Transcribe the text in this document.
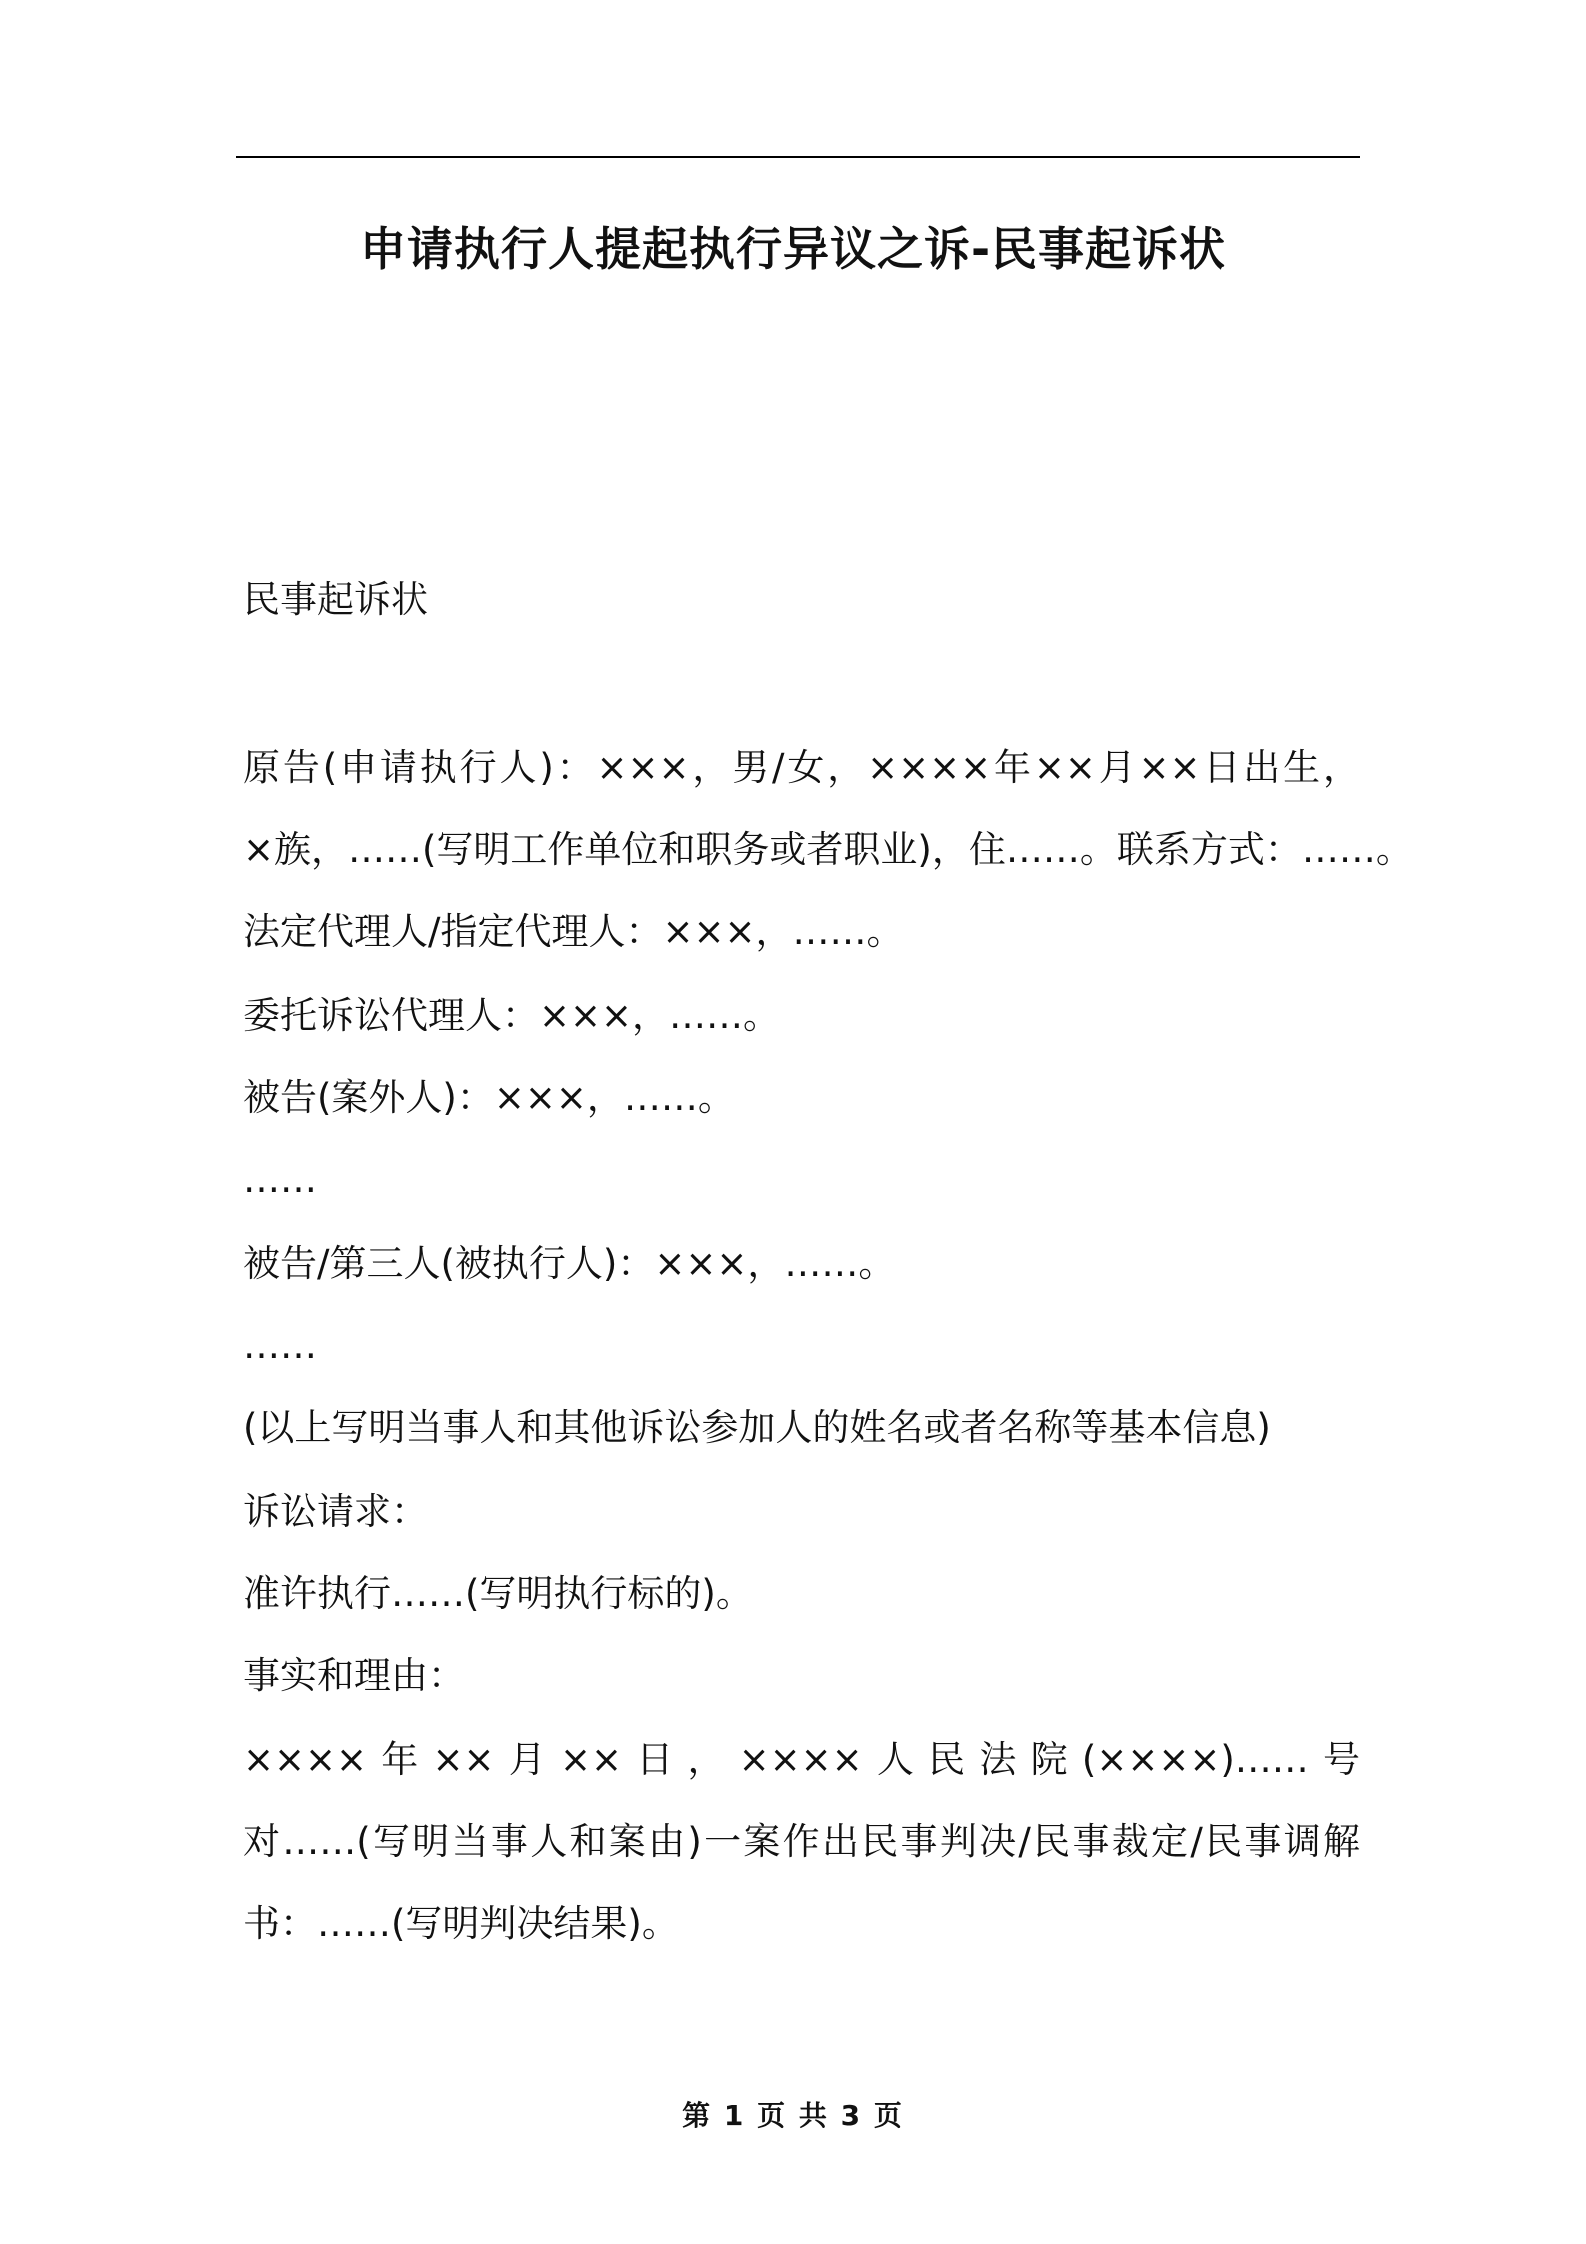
申请执行人提起执行异议之诉-民事起诉状
民事起诉状
原告(申请执行人)：×××，男/女，××××年××月××日出生，
×族，……(写明工作单位和职务或者职业)，住……。联系方式：……。
法定代理人/指定代理人：×××，……。
委托诉讼代理人：×××，……。
被告(案外人)：×××，……。
……
被告/第三人(被执行人)：×××，……。
……
(以上写明当事人和其他诉讼参加人的姓名或者名称等基本信息)
诉讼请求：
准许执行……(写明执行标的)。
事实和理由：
××××年××月××日，××××人民法院(××××)……号
对……(写明当事人和案由)一案作出民事判决/民事裁定/民事调解
书：……(写明判决结果)。
第 1 页 共 3 页
